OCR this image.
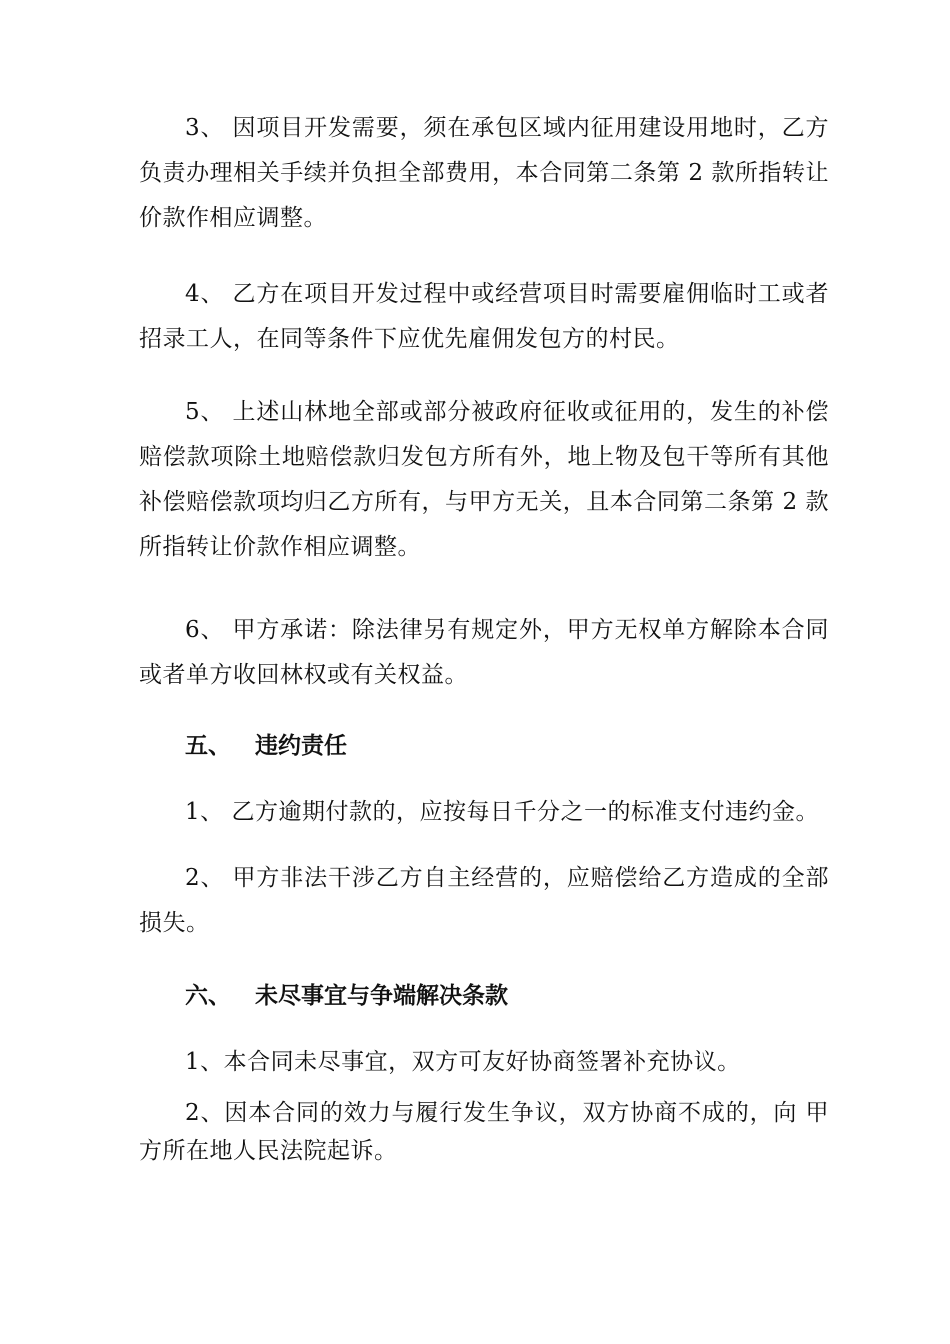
3、 因项目开发需要，须在承包区域内征用建设用地时，乙方负责办理相关手续并负担全部费用，本合同第二条第 2 款所指转让价款作相应调整。

4、 乙方在项目开发过程中或经营项目时需要雇佣临时工或者招录工人，在同等条件下应优先雇佣发包方的村民。

5、 上述山林地全部或部分被政府征收或征用的，发生的补偿赔偿款项除土地赔偿款归发包方所有外，地上物及包干等所有其他补偿赔偿款项均归乙方所有，与甲方无关，且本合同第二条第 2 款所指转让价款作相应调整。

6、 甲方承诺：除法律另有规定外，甲方无权单方解除本合同或者单方收回林权或有关权益。

五、 违约责任

1、 乙方逾期付款的，应按每日千分之一的标准支付违约金。

2、 甲方非法干涉乙方自主经营的，应赔偿给乙方造成的全部损失。

六、 未尽事宜与争端解决条款

1、本合同未尽事宜，双方可友好协商签署补充协议。

2、因本合同的效力与履行发生争议，双方协商不成的，向 甲方所在地人民法院起诉。
